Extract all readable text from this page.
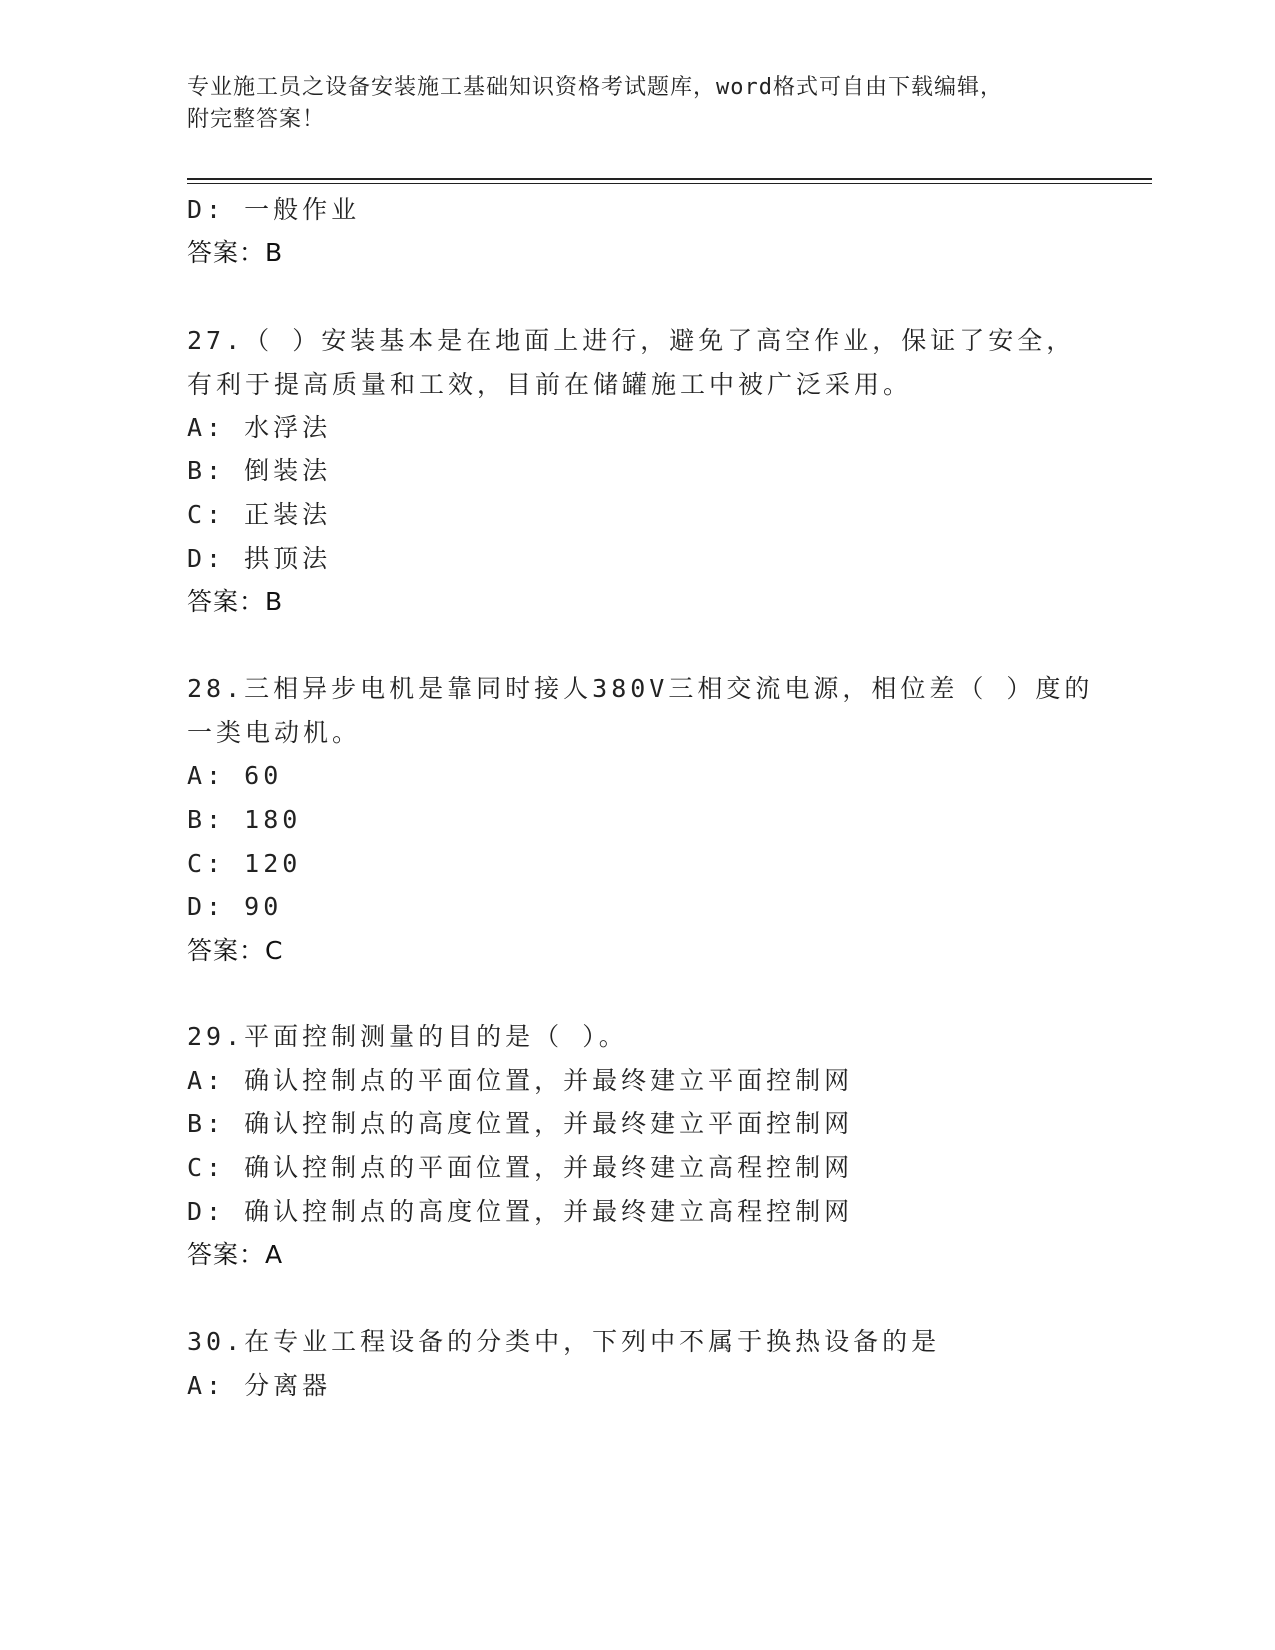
专业施工员之设备安装施工基础知识资格考试题库，word格式可自由下载编辑，
附完整答案！
D: 一般作业
答案：B
27.（ ）安装基本是在地面上进行，避免了高空作业，保证了安全，
有利于提高质量和工效，目前在储罐施工中被广泛采用。
A: 水浮法
B: 倒装法
C: 正装法
D: 拱顶法
答案：B
28.三相异步电机是靠同时接人380V三相交流电源，相位差（ ）度的
一类电动机。
A: 60
B: 180
C: 120
D: 90
答案：C
29.平面控制测量的目的是（ ）。
A: 确认控制点的平面位置，并最终建立平面控制网
B: 确认控制点的高度位置，并最终建立平面控制网
C: 确认控制点的平面位置，并最终建立高程控制网
D: 确认控制点的高度位置，并最终建立高程控制网
答案：A
30.在专业工程设备的分类中，下列中不属于换热设备的是
A: 分离器
